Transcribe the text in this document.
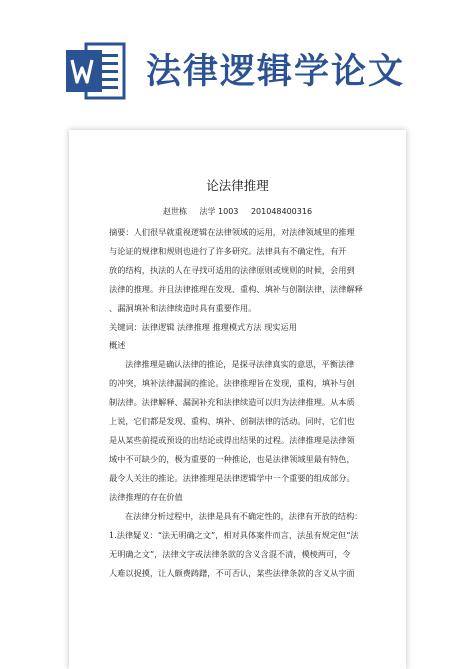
法律逻辑学论文
论法律推理
赵世栋 法学 1003 201048400316
摘要：人们很早就重视逻辑在法律领域的运用，对法律领域里的推理
与论证的规律和规则也进行了许多研究。法律具有不确定性，有开
放的结构，执法的人在寻找可适用的法律原则或规则的时候，会用到
法律的推理。并且法律推理在发现、重构、填补与创制法律，法律解释
、漏洞填补和法律续造时具有重要作用。
关键词：法律逻辑 法律推理 推理模式方法 现实运用
概述
法律推理是确认法律的推论，是探寻法律真实的意思，平衡法律
的冲突，填补法律漏洞的推论。法律推理旨在发现，重构，填补与创
制法律。法律解释、漏洞补充和法律续造可以归为法律推理。从本质
上说，它们都是发现、重构、填补、创制法律的活动。同时，它们也
是从某些前提或预设的出结论或得出结果的过程。法律推理是法律领
域中不可缺少的，极为重要的一种推论，也是法律领域里最有特色，
最令人关注的推论。法律推理是法律逻辑学中一个重要的组成部分。
法律推理的存在价值
在法律分析过程中，法律是具有不确定性的，法律有开放的结构：
1.法律疑义：“法无明确之文”，相对具体案件而言，法虽有规定但“法
无明确之文”，法律文字或法律条款的含义含混不清，模棱两可，令
人难以捉摸，让人颇费踌躇，不可否认，某些法律条款的含义从字面
